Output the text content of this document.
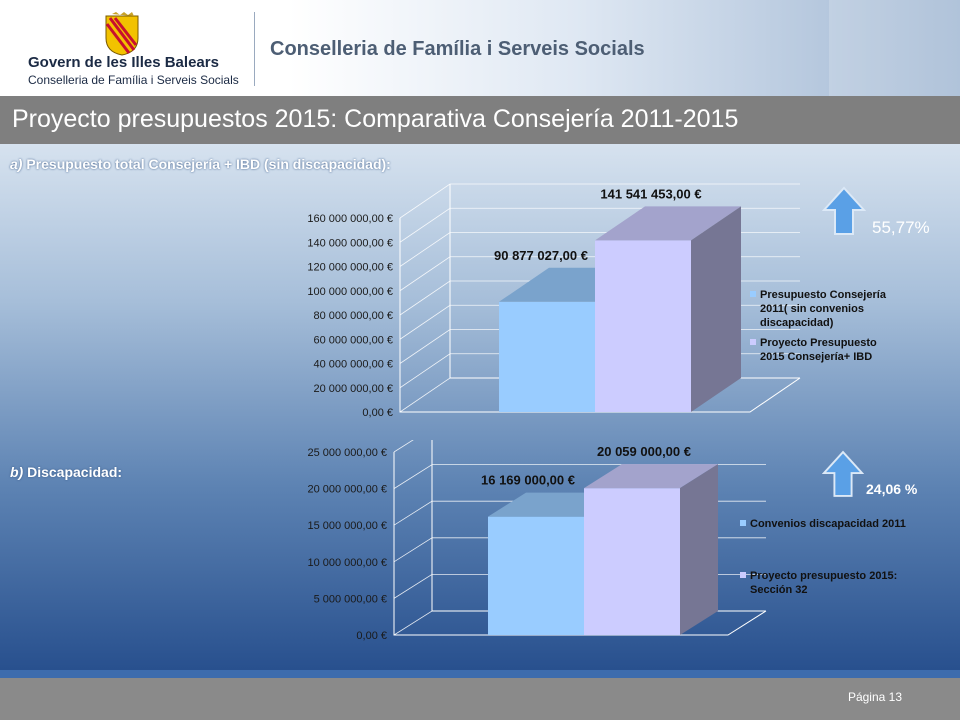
Govern de les Illes Balears
Conselleria de Família i Serveis Socials
Conselleria de Família i Serveis Socials
Proyecto presupuestos 2015: Comparativa Consejería 2011-2015
a) Presupuesto total Consejería + IBD (sin discapacidad):
b) Discapacidad:
0,00 €
20 000 000,00 €
40 000 000,00 €
60 000 000,00 €
80 000 000,00 €
100 000 000,00 €
120 000 000,00 €
140 000 000,00 €
160 000 000,00 €
90 877 027,00 €
Presupuesto Consejería
2011( sin convenios
discapacidad)
141 541 453,00 €
Proyecto Presupuesto
2015 Consejería+ IBD
0,00 €
5 000 000,00 €
10 000 000,00 €
15 000 000,00 €
20 000 000,00 €
25 000 000,00 €
16 169 000,00 €
Convenios discapacidad 2011
20 059 000,00 €
Proyecto presupuesto 2015:
Sección 32
55,77%
24,06 %
Página 13
